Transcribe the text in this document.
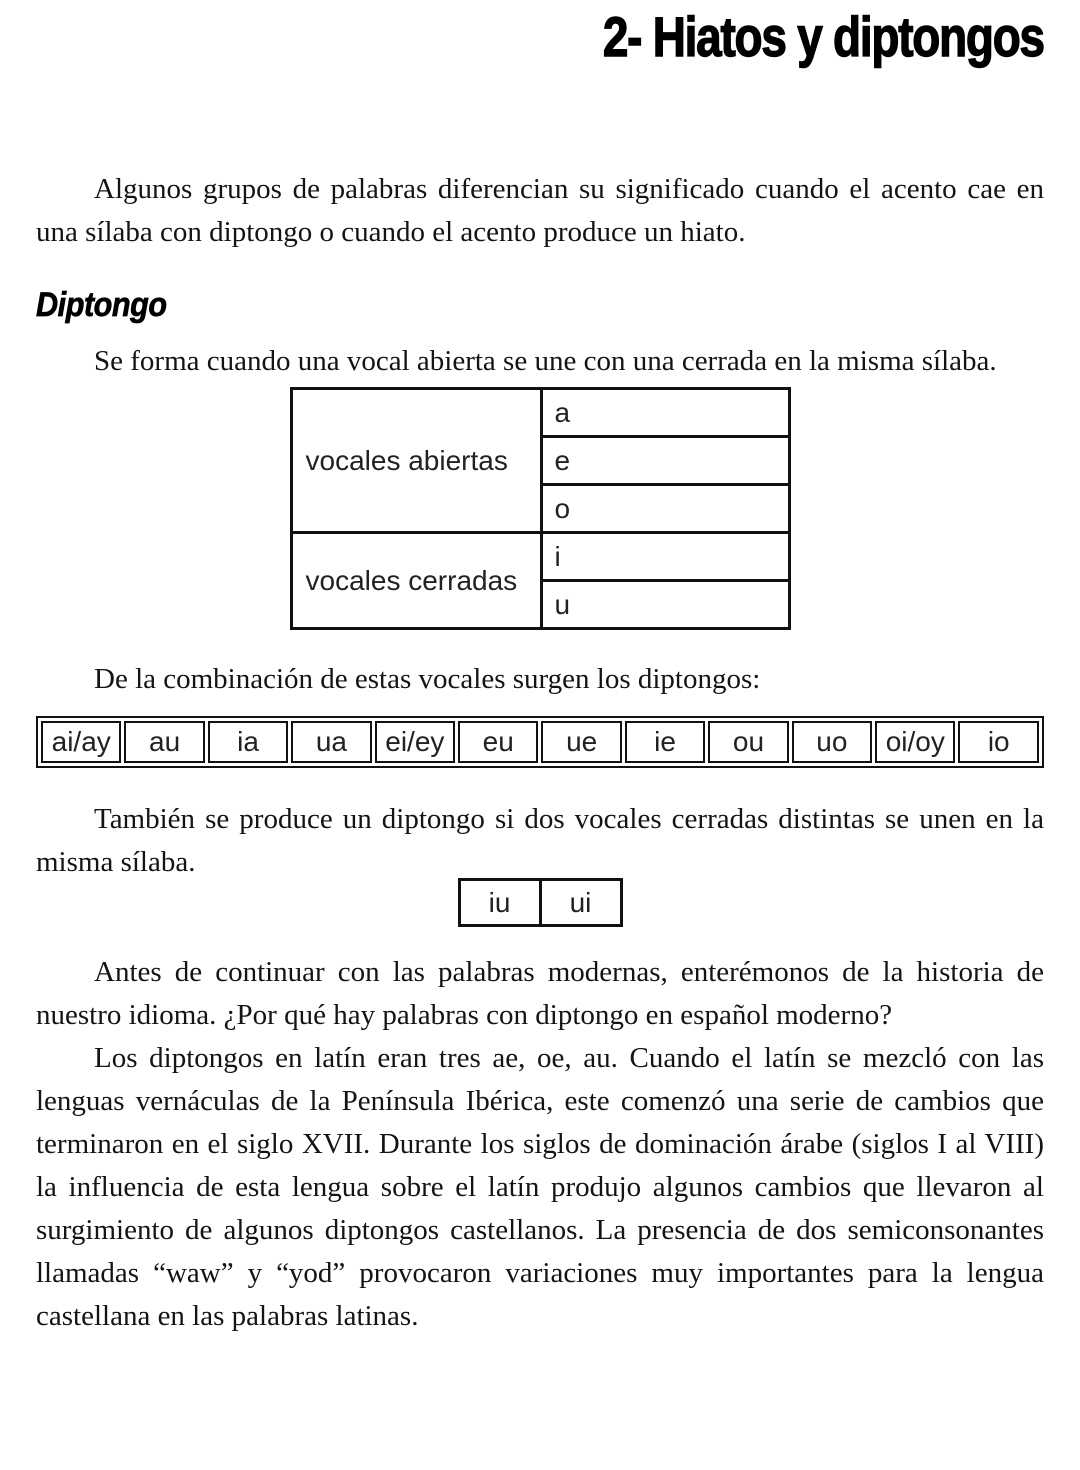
2- Hiatos y diptongos

Algunos grupos de palabras diferencian su significado cuando el acento cae en una sílaba con diptongo o cuando el acento produce un hiato.

Diptongo

Se forma cuando una vocal abierta se une con una cerrada en la misma sílaba.

vocales abiertas	a
	e
	o
vocales cerradas	i
	u

De la combinación de estas vocales surgen los diptongos:

ai/ay	au	ia	ua	ei/ey	eu	ue	ie	ou	uo	oi/oy	io

También se produce un diptongo si dos vocales cerradas distintas se unen en la misma sílaba.

iu	ui

Antes de continuar con las palabras modernas, enterémonos de la historia de nuestro idioma. ¿Por qué hay palabras con diptongo en español moderno?

Los diptongos en latín eran tres ae, oe, au. Cuando el latín se mezcló con las lenguas vernáculas de la Península Ibérica, este comenzó una serie de cambios que terminaron en el siglo XVII. Durante los siglos de dominación árabe (siglos I al VIII) la influencia de esta lengua sobre el latín produjo algunos cambios que llevaron al surgimiento de algunos diptongos castellanos. La presencia de dos semiconsonantes llamadas “waw” y “yod” provocaron variaciones muy importantes para la lengua castellana en las palabras latinas.
